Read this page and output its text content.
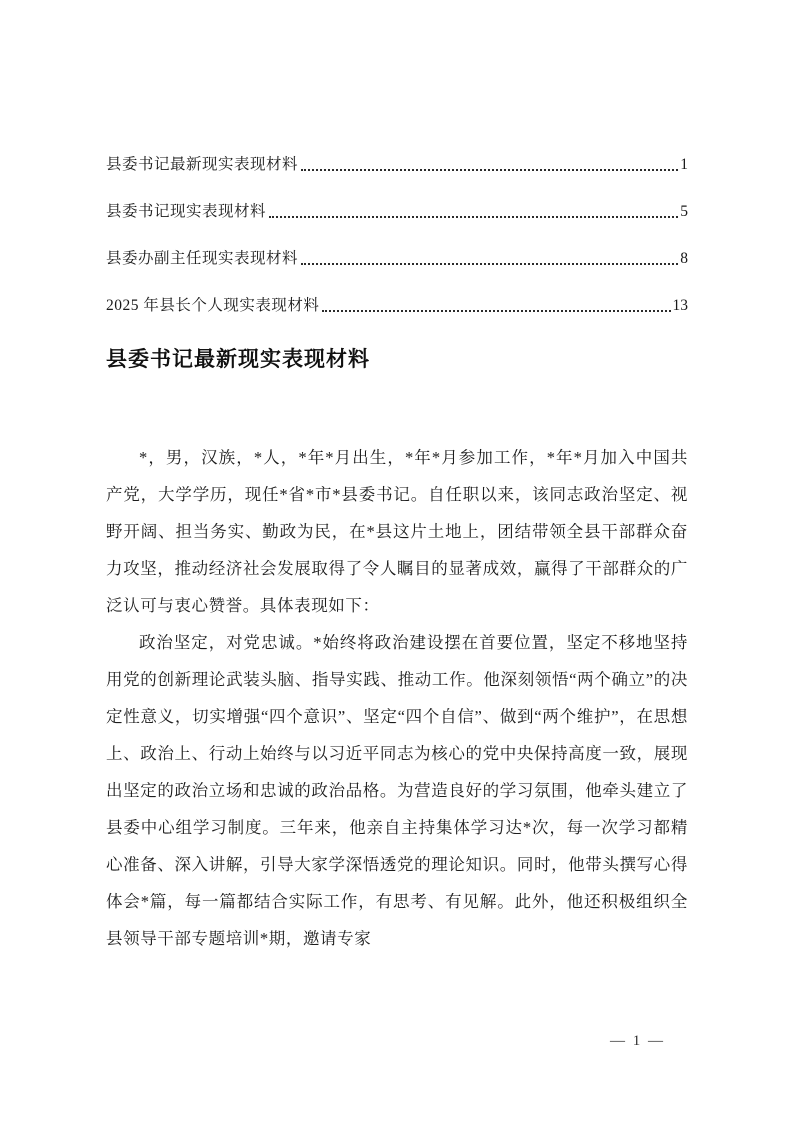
县委书记最新现实表现材料	1
县委书记现实表现材料	5
县委办副主任现实表现材料	8
2025 年县长个人现实表现材料	13
县委书记最新现实表现材料

*，男，汉族，*人，*年*月出生，*年*月参加工作，*年*月加入中国共产党，大学学历，现任*省*市*县委书记。自任职以来，该同志政治坚定、视野开阔、担当务实、勤政为民，在*县这片土地上，团结带领全县干部群众奋力攻坚，推动经济社会发展取得了令人瞩目的显著成效，赢得了干部群众的广泛认可与衷心赞誉。具体表现如下：

政治坚定，对党忠诚。*始终将政治建设摆在首要位置，坚定不移地坚持用党的创新理论武装头脑、指导实践、推动工作。他深刻领悟“两个确立”的决定性意义，切实增强“四个意识”、坚定“四个自信”、做到“两个维护”，在思想上、政治上、行动上始终与以习近平同志为核心的党中央保持高度一致，展现出坚定的政治立场和忠诚的政治品格。为营造良好的学习氛围，他牵头建立了县委中心组学习制度。三年来，他亲自主持集体学习达*次，每一次学习都精心准备、深入讲解，引导大家学深悟透党的理论知识。同时，他带头撰写心得体会*篇，每一篇都结合实际工作，有思考、有见解。此外，他还积极组织全县领导干部专题培训*期，邀请专家

— 1 —
